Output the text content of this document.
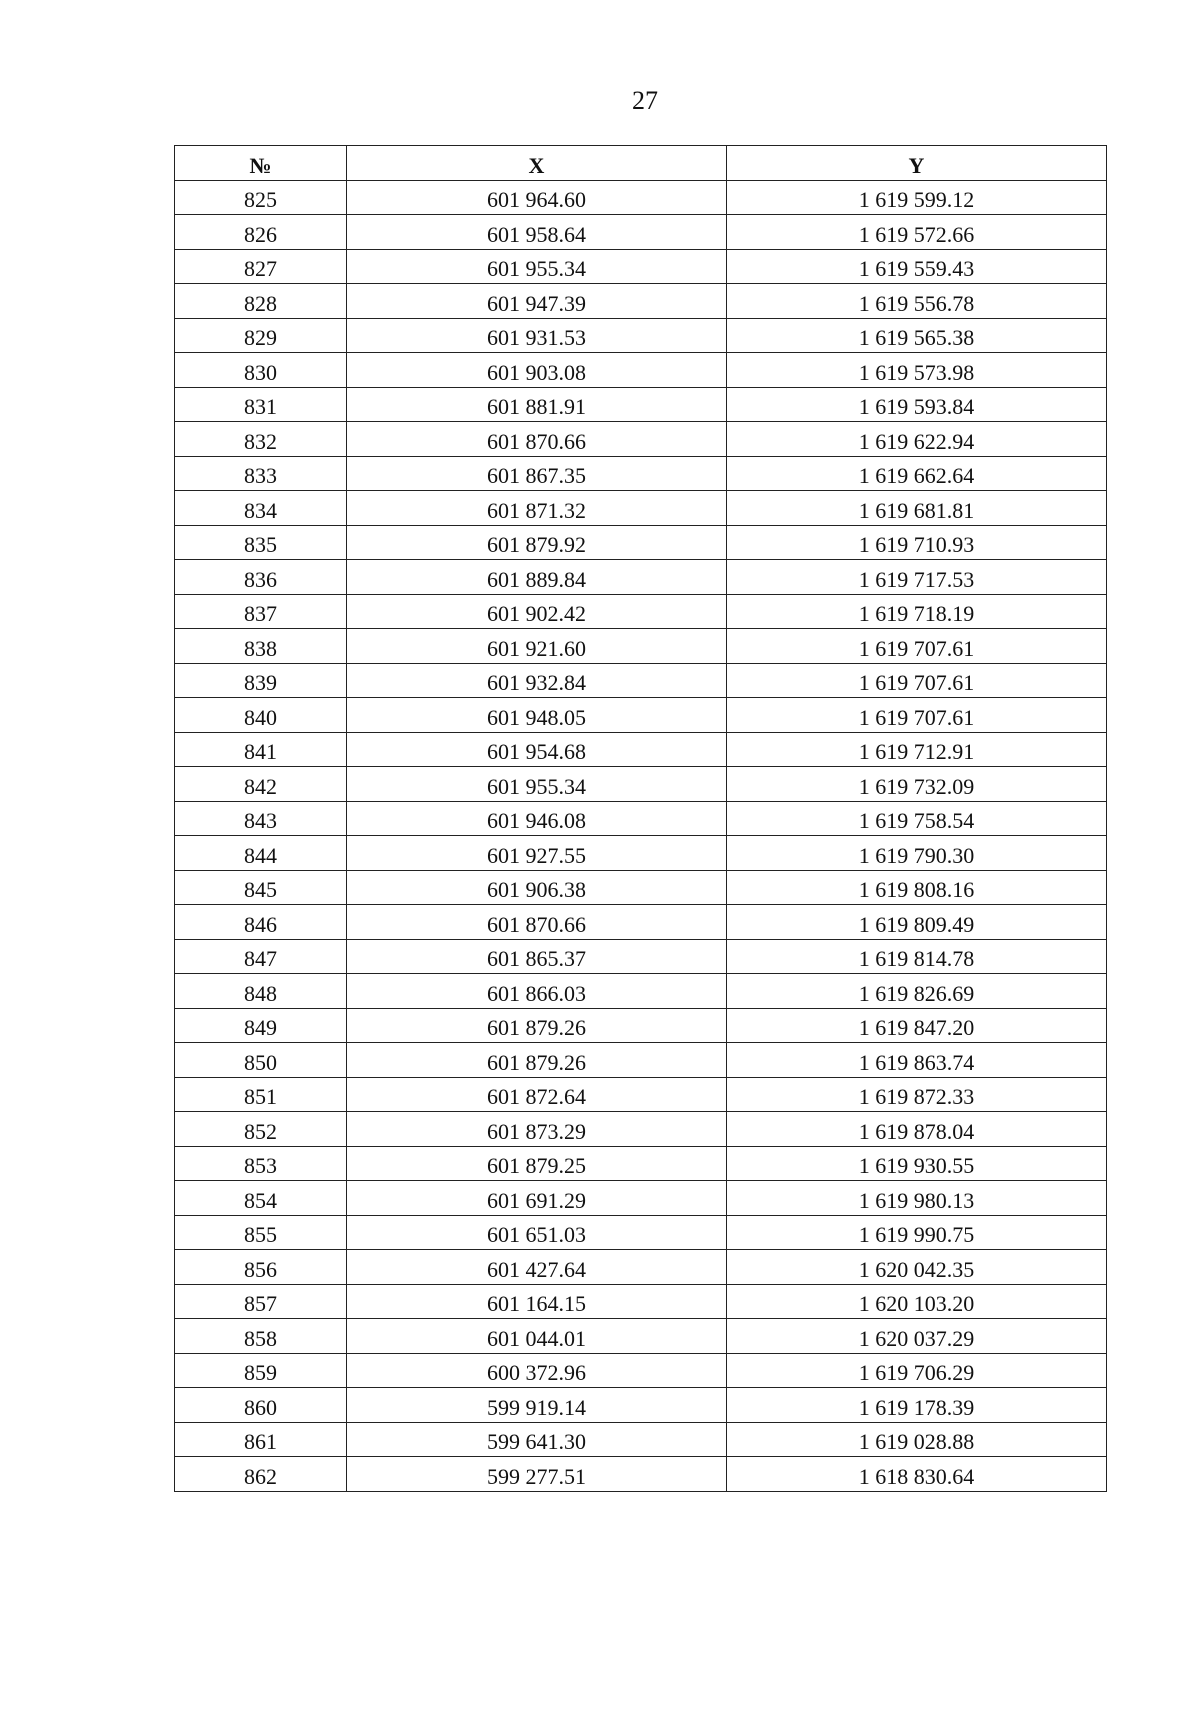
27
№	X	Y
825	601 964.60	1 619 599.12
826	601 958.64	1 619 572.66
827	601 955.34	1 619 559.43
828	601 947.39	1 619 556.78
829	601 931.53	1 619 565.38
830	601 903.08	1 619 573.98
831	601 881.91	1 619 593.84
832	601 870.66	1 619 622.94
833	601 867.35	1 619 662.64
834	601 871.32	1 619 681.81
835	601 879.92	1 619 710.93
836	601 889.84	1 619 717.53
837	601 902.42	1 619 718.19
838	601 921.60	1 619 707.61
839	601 932.84	1 619 707.61
840	601 948.05	1 619 707.61
841	601 954.68	1 619 712.91
842	601 955.34	1 619 732.09
843	601 946.08	1 619 758.54
844	601 927.55	1 619 790.30
845	601 906.38	1 619 808.16
846	601 870.66	1 619 809.49
847	601 865.37	1 619 814.78
848	601 866.03	1 619 826.69
849	601 879.26	1 619 847.20
850	601 879.26	1 619 863.74
851	601 872.64	1 619 872.33
852	601 873.29	1 619 878.04
853	601 879.25	1 619 930.55
854	601 691.29	1 619 980.13
855	601 651.03	1 619 990.75
856	601 427.64	1 620 042.35
857	601 164.15	1 620 103.20
858	601 044.01	1 620 037.29
859	600 372.96	1 619 706.29
860	599 919.14	1 619 178.39
861	599 641.30	1 619 028.88
862	599 277.51	1 618 830.64
